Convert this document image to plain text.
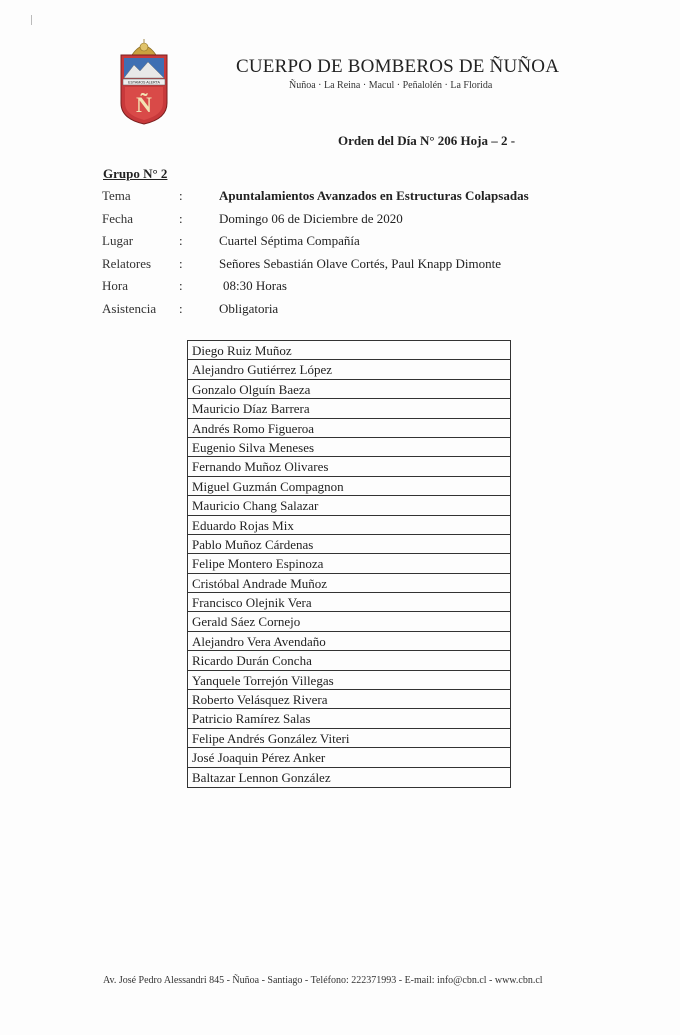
ESTAMOS ALERTA
Ñ
CUERPO DE BOMBEROS DE ÑUÑOA
Ñuñoa · La Reina · Macul · Peñalolén · La Florida
Orden del Día N° 206 Hoja – 2 -
Grupo N° 2
Tema	:	Apuntalamientos Avanzados en Estructuras Colapsadas
Fecha	:	Domingo 06 de Diciembre de 2020
Lugar	:	Cuartel Séptima Compañía
Relatores :	Señores Sebastián Olave Cortés, Paul Knapp Dimonte
Hora	:	08:30 Horas
Asistencia :	Obligatoria
Diego Ruiz Muñoz
Alejandro Gutiérrez López
Gonzalo Olguín Baeza
Mauricio Díaz Barrera
Andrés Romo Figueroa
Eugenio Silva Meneses
Fernando Muñoz Olivares
Miguel Guzmán Compagnon
Mauricio Chang Salazar
Eduardo Rojas Mix
Pablo Muñoz Cárdenas
Felipe Montero Espinoza
Cristóbal Andrade Muñoz
Francisco Olejnik Vera
Gerald Sáez Cornejo
Alejandro Vera Avendaño
Ricardo Durán Concha
Yanquele Torrejón Villegas
Roberto Velásquez Rivera
Patricio Ramírez Salas
Felipe Andrés González Viteri
José Joaquin Pérez Anker
Baltazar Lennon González
Av. José Pedro Alessandri 845 - Ñuñoa - Santiago - Teléfono: 222371993 - E-mail: info@cbn.cl - www.cbn.cl
